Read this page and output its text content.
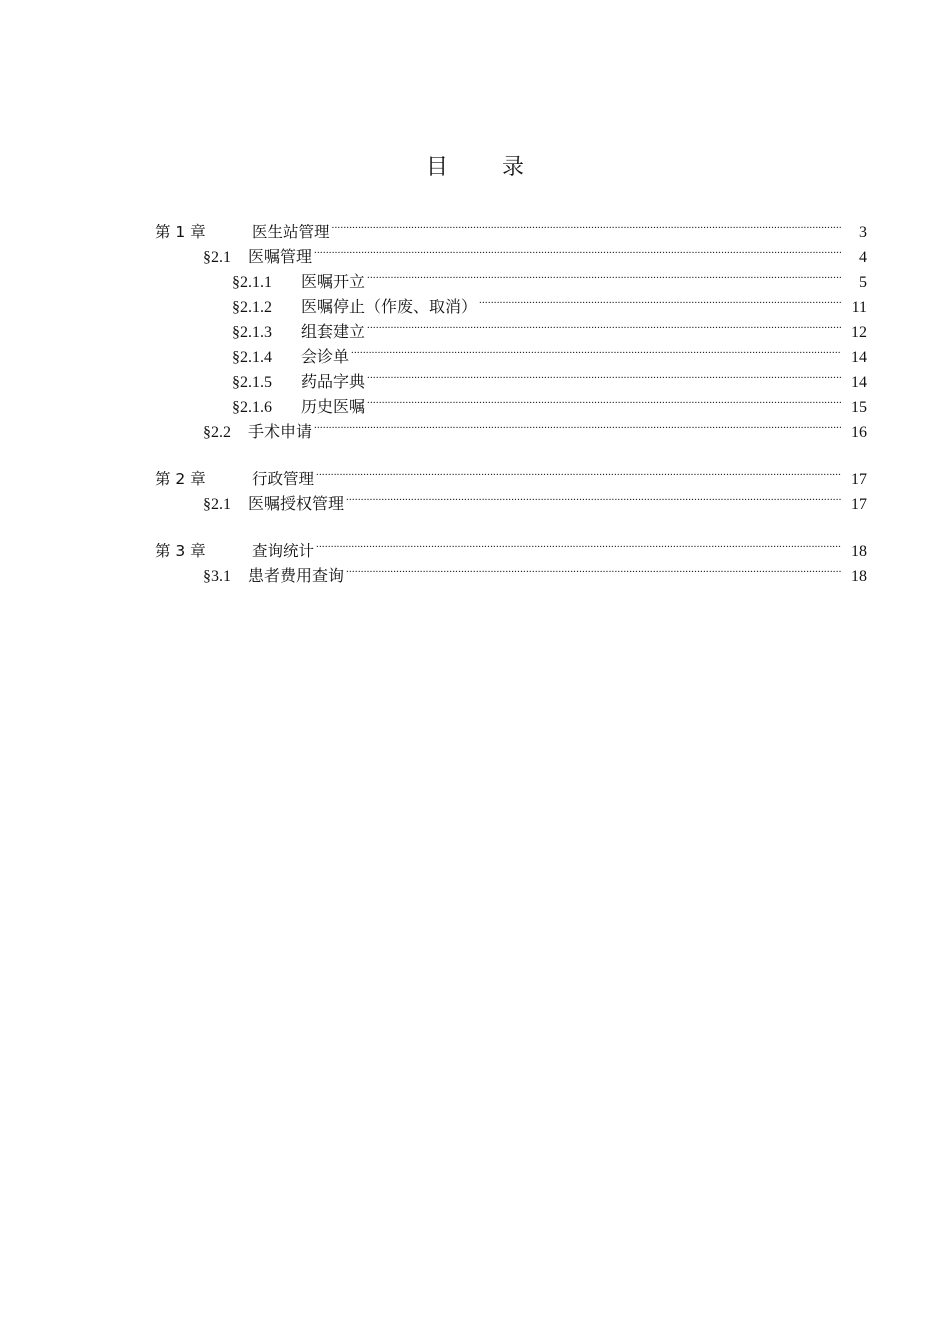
目 录
第 1 章	医生站管理 .....	3
§2.1	医嘱管理 .....	4
§2.1.1	医嘱开立 .....	5
§2.1.2	医嘱停止（作废、取消） .....	11
§2.1.3	组套建立 .....	12
§2.1.4	会诊单 .....	14
§2.1.5	药品字典 .....	14
§2.1.6	历史医嘱 .....	15
§2.2	手术申请 .....	16
第 2 章	行政管理 .....	17
§2.1	医嘱授权管理 .....	17
第 3 章	查询统计 .....	18
§3.1	患者费用查询 .....	18
